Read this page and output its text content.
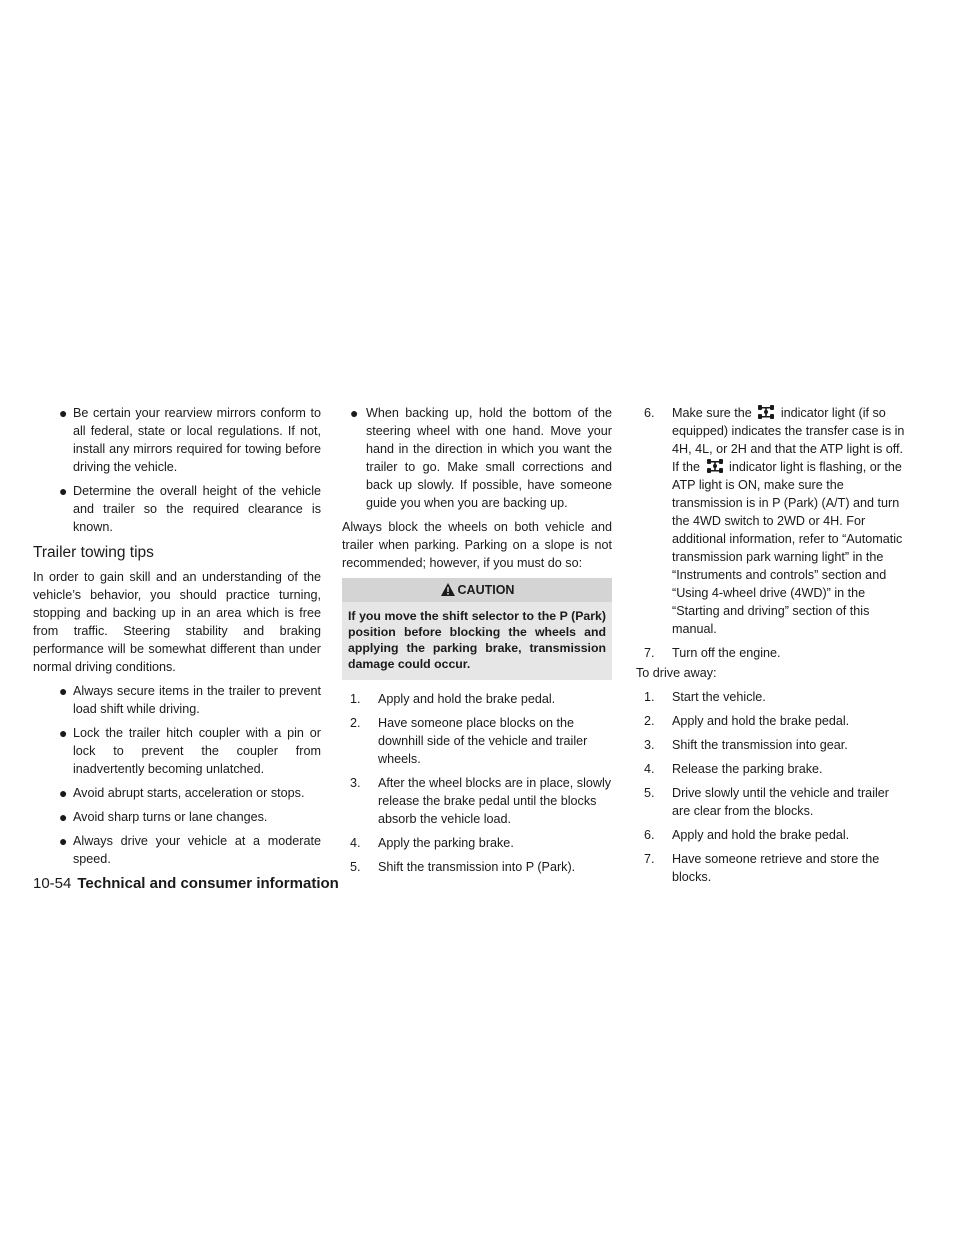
● Be certain your rearview mirrors conform to all federal, state or local regulations. If not, install any mirrors required for towing before driving the vehicle.
● Determine the overall height of the vehicle and trailer so the required clearance is known.
Trailer towing tips

In order to gain skill and an understanding of the vehicle’s behavior, you should practice turning, stopping and backing up in an area which is free from traffic. Steering stability and braking performance will be somewhat different than under normal driving conditions.

● Always secure items in the trailer to prevent load shift while driving.
● Lock the trailer hitch coupler with a pin or lock to prevent the coupler from inadvertently becoming unlatched.
● Avoid abrupt starts, acceleration or stops.
● Avoid sharp turns or lane changes.
● Always drive your vehicle at a moderate speed.
● When backing up, hold the bottom of the steering wheel with one hand. Move your hand in the direction in which you want the trailer to go. Make small corrections and back up slowly. If possible, have someone guide you when you are backing up.

Always block the wheels on both vehicle and trailer when parking. Parking on a slope is not recommended; however, if you must do so:

CAUTION
If you move the shift selector to the P (Park) position before blocking the wheels and applying the parking brake, transmission damage could occur.
1.	Apply and hold the brake pedal.
2.	Have someone place blocks on the downhill side of the vehicle and trailer wheels.
3.	After the wheel blocks are in place, slowly release the brake pedal until the blocks absorb the vehicle load.
4.	Apply the parking brake.
5.	Shift the transmission into P (Park).
6.	Make sure the indicator light (if so equipped) indicates the transfer case is in 4H, 4L, or 2H and that the ATP light is off. If the indicator light is flashing, or the ATP light is ON, make sure the transmission is in P (Park) (A/T) and turn the 4WD switch to 2WD or 4H. For additional information, refer to “Automatic transmission park warning light” in the “Instruments and controls” section and “Using 4-wheel drive (4WD)” in the “Starting and driving” section of this manual.
7.	Turn off the engine.

To drive away:

1.	Start the vehicle.
2.	Apply and hold the brake pedal.
3.	Shift the transmission into gear.
4.	Release the parking brake.
5.	Drive slowly until the vehicle and trailer are clear from the blocks.
6.	Apply and hold the brake pedal.
7.	Have someone retrieve and store the blocks.
10-54 Technical and consumer information
